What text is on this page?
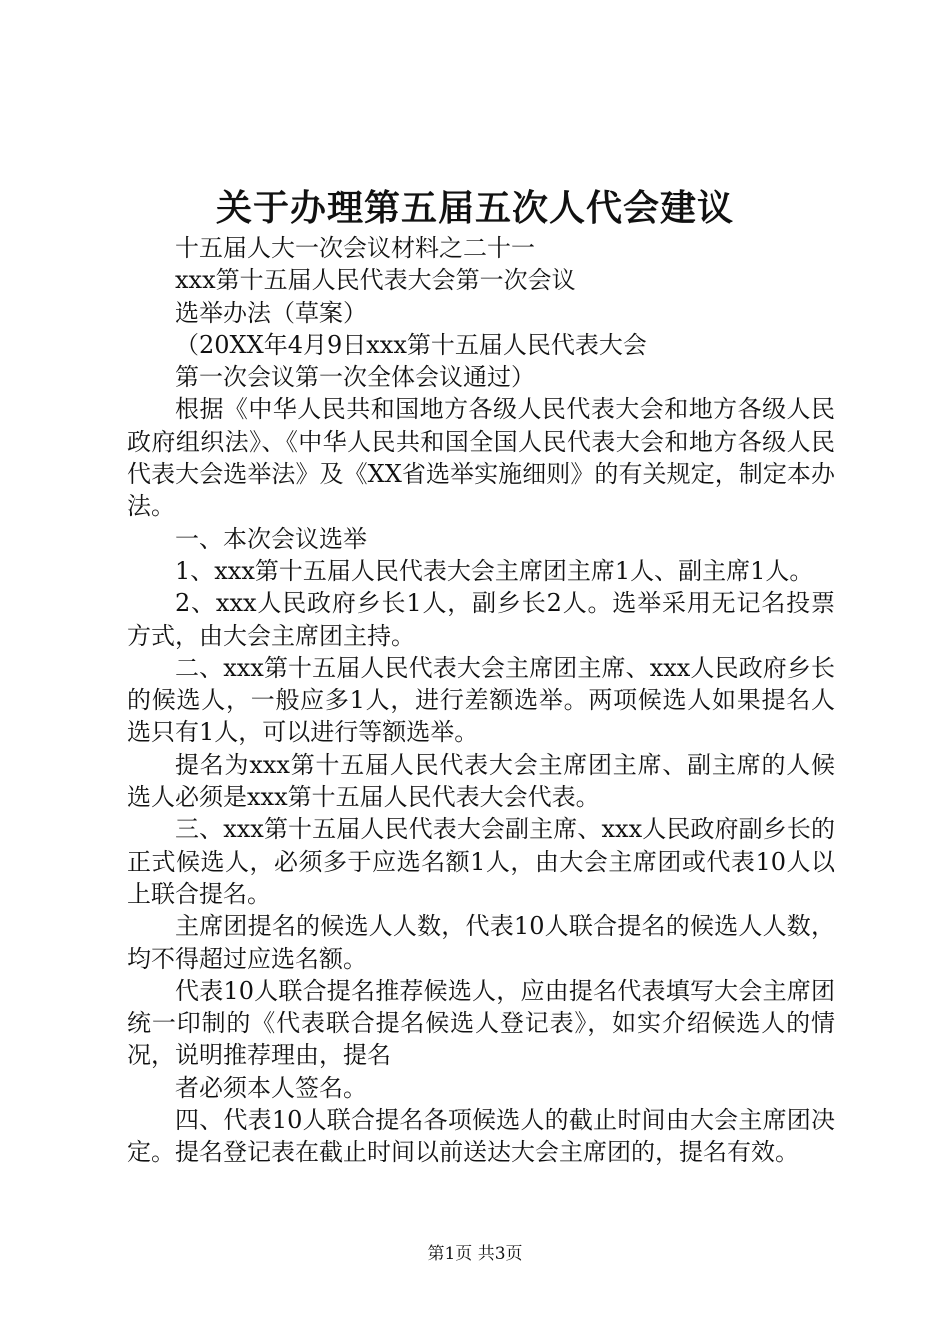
关于办理第五届五次人代会建议

十五届人大一次会议材料之二十一

xxx第十五届人民代表大会第一次会议

选举办法（草案）

（20XX年4月9日xxx第十五届人民代表大会

第一次会议第一次全体会议通过）

根据《中华人民共和国地方各级人民代表大会和地方各级人民政府组织法》、《中华人民共和国全国人民代表大会和地方各级人民代表大会选举法》及《XX省选举实施细则》的有关规定，制定本办法。

一、本次会议选举

1、xxx第十五届人民代表大会主席团主席1人、副主席1人。

2、xxx人民政府乡长1人，副乡长2人。选举采用无记名投票方式，由大会主席团主持。

二、xxx第十五届人民代表大会主席团主席、xxx人民政府乡长的候选人，一般应多1人，进行差额选举。两项候选人如果提名人选只有1人，可以进行等额选举。

提名为xxx第十五届人民代表大会主席团主席、副主席的人候选人必须是xxx第十五届人民代表大会代表。

三、xxx第十五届人民代表大会副主席、xxx人民政府副乡长的正式候选人，必须多于应选名额1人，由大会主席团或代表10人以上联合提名。

主席团提名的候选人人数，代表10人联合提名的候选人人数，均不得超过应选名额。

代表10人联合提名推荐候选人，应由提名代表填写大会主席团统一印制的《代表联合提名候选人登记表》，如实介绍候选人的情况，说明推荐理由，提名

者必须本人签名。

四、代表10人联合提名各项候选人的截止时间由大会主席团决定。提名登记表在截止时间以前送达大会主席团的，提名有效。

第1页 共3页
